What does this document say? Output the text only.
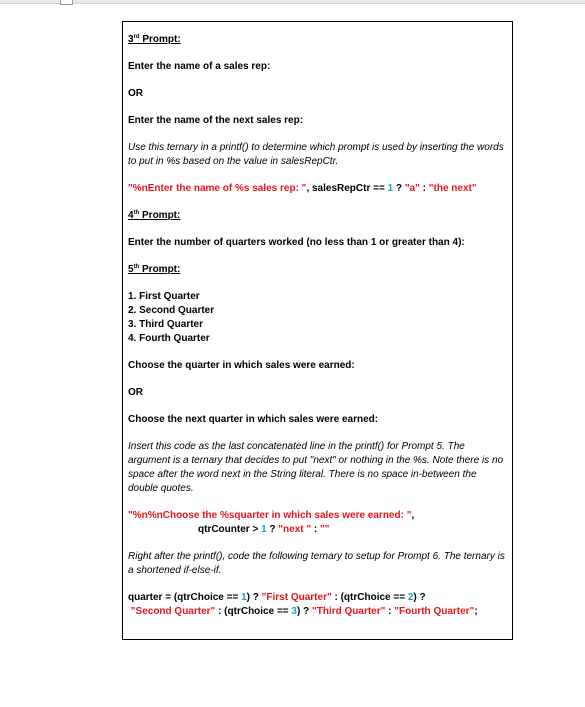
3rd Prompt:

Enter the name of a sales rep:

OR

Enter the name of the next sales rep:

Use this ternary in a printf() to determine which prompt is used by inserting the words to put in %s based on the value in salesRepCtr.

"%nEnter the name of %s sales rep: ", salesRepCtr == 1 ? "a" : "the next"

4th Prompt:

Enter the number of quarters worked (no less than 1 or greater than 4):

5th Prompt:

1. First Quarter
2. Second Quarter
3. Third Quarter
4. Fourth Quarter

Choose the quarter in which sales were earned:

OR

Choose the next quarter in which sales were earned:

Insert this code as the last concatenated line in the printf() for Prompt 5. The argument is a ternary that decides to put "next" or nothing in the %s. Note there is no space after the word next in the String literal. There is no space in-between the double quotes.

"%n%nChoose the %squarter in which sales were earned: ",

qtrCounter > 1 ? "next " : ""

Right after the printf(), code the following ternary to setup for Prompt 6. The ternary is a shortened if-else-if.

quarter = (qtrChoice == 1) ? "First Quarter" : (qtrChoice == 2) ?

"Second Quarter" : (qtrChoice == 3) ? "Third Quarter" : "Fourth Quarter";
